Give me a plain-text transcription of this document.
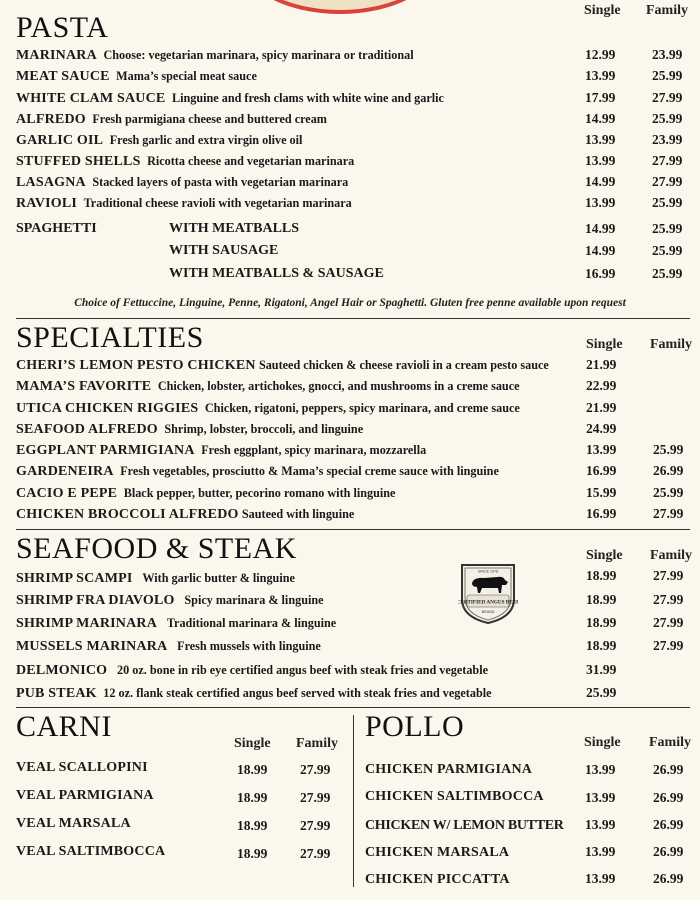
PASTA
Single Family
MARINARA Choose: vegetarian marinara, spicy marinara or traditional	12.99	23.99
MEAT SAUCE Mama’s special meat sauce	13.99	25.99
WHITE CLAM SAUCE Linguine and fresh clams with white wine and garlic	17.99	27.99
ALFREDO Fresh parmigiana cheese and buttered cream	14.99	25.99
GARLIC OIL Fresh garlic and extra virgin olive oil	13.99	23.99
STUFFED SHELLS Ricotta cheese and vegetarian marinara	13.99	27.99
LASAGNA Stacked layers of pasta with vegetarian marinara	14.99	27.99
RAVIOLI Traditional cheese ravioli with vegetarian marinara	13.99	25.99
SPAGHETTI	WITH MEATBALLS	14.99	25.99
WITH SAUSAGE	14.99	25.99
WITH MEATBALLS & SAUSAGE	16.99	25.99
Choice of Fettuccine, Linguine, Penne, Rigatoni, Angel Hair or Spaghetti. Gluten free penne available upon request
SPECIALTIES	Single Family
CHERI’S LEMON PESTO CHICKEN Sauteed chicken & cheese ravioli in a cream pesto sauce	21.99
MAMA’S FAVORITE Chicken, lobster, artichokes, gnocci, and mushrooms in a creme sauce	22.99
UTICA CHICKEN RIGGIES Chicken, rigatoni, peppers, spicy marinara, and creme sauce	21.99
SEAFOOD ALFREDO Shrimp, lobster, broccoli, and linguine	24.99
EGGPLANT PARMIGIANA Fresh eggplant, spicy marinara, mozzarella	13.99	25.99
GARDENEIRA Fresh vegetables, prosciutto & Mama’s special creme sauce with linguine	16.99	26.99
CACIO E PEPE Black pepper, butter, pecorino romano with linguine	15.99	25.99
CHICKEN BROCCOLI ALFREDO Sauteed with linguine	16.99	27.99
SEAFOOD & STEAK	Single Family
SINCE 1978
CERTIFIED ANGUS BEEF
BRAND
SHRIMP SCAMPI With garlic butter & linguine	18.99	27.99
SHRIMP FRA DIAVOLO Spicy marinara & linguine	18.99	27.99
SHRIMP MARINARA Traditional marinara & linguine	18.99	27.99
MUSSELS MARINARA Fresh mussels with linguine	18.99	27.99
DELMONICO 20 oz. bone in rib eye certified angus beef with steak fries and vegetable	31.99
PUB STEAK 12 oz. flank steak certified angus beef served with steak fries and vegetable	25.99
CARNI
Single Family
VEAL SCALLOPINI	18.99 27.99
VEAL PARMIGIANA	18.99 27.99
VEAL MARSALA	18.99 27.99
VEAL SALTIMBOCCA	18.99 27.99
POLLO	Single Family
CHICKEN PARMIGIANA	13.99	26.99
CHICKEN SALTIMBOCCA	13.99	26.99
CHICKEN W/ LEMON BUTTER 13.99	26.99
CHICKEN MARSALA	13.99	26.99
CHICKEN PICCATTA	13.99	26.99
